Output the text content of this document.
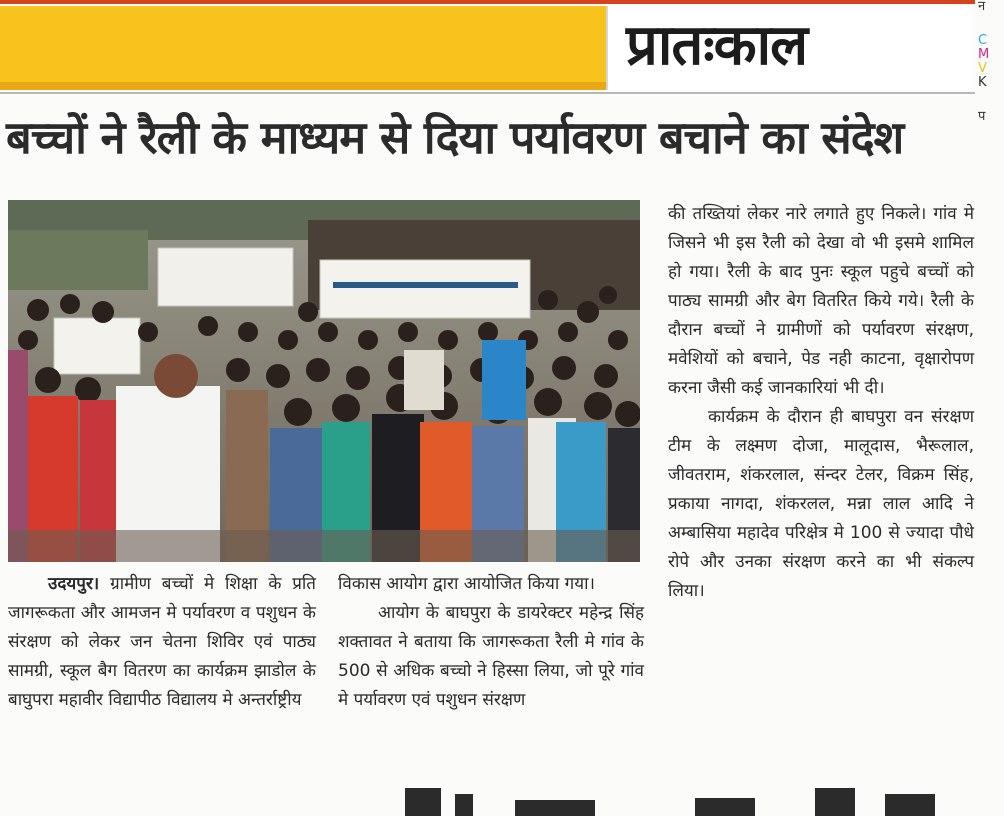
प्रातःकाल
न
C
M
V
K
प
बच्चों ने रैली के माध्यम से दिया पर्यावरण बचाने का संदेश

की तख्तियां लेकर नारे लगाते हुए निकले। गांव मे जिसने भी इस रैली को देखा वो भी इसमे शामिल हो गया। रैली के बाद पुनः स्कूल पहुचे बच्चों को पाठ्य सामग्री और बेग वितरित किये गये। रैली के दौरान बच्चों ने ग्रामीणों को पर्यावरण संरक्षण, मवेशियों को बचाने, पेड नही काटना, वृक्षारोपण करना जैसी कई जानकारियां भी दी।

कार्यक्रम के दौरान ही बाघपुरा वन संरक्षण टीम के लक्ष्मण दोजा, मालूदास, भैरूलाल, जीवतराम, शंकरलाल, संन्दर टेलर, विक्रम सिंह, प्रकाया नागदा, शंकरलल, मन्ना लाल आदि ने अम्बासिया महादेव परिक्षेत्र मे 100 से ज्यादा पौधे रोपे और उनका संरक्षण करने का भी संकल्प लिया।

उदयपुर। ग्रामीण बच्चों मे शिक्षा के प्रति जागरूकता और आमजन मे पर्यावरण व पशुधन के संरक्षण को लेकर जन चेतना शिविर एवं पाठ्य सामग्री, स्कूल बैग वितरण का कार्यक्रम झाडोल के बाघुपरा महावीर विद्यापीठ विद्यालय मे अन्तर्राष्ट्रीय

विकास आयोग द्वारा आयोजित किया गया।

आयोग के बाघपुरा के डायरेक्टर महेन्द्र सिंह शक्तावत ने बताया कि जागरूकता रैली मे गांव के 500 से अधिक बच्चो ने हिस्सा लिया, जो पूरे गांव मे पर्यावरण एवं पशुधन संरक्षण
